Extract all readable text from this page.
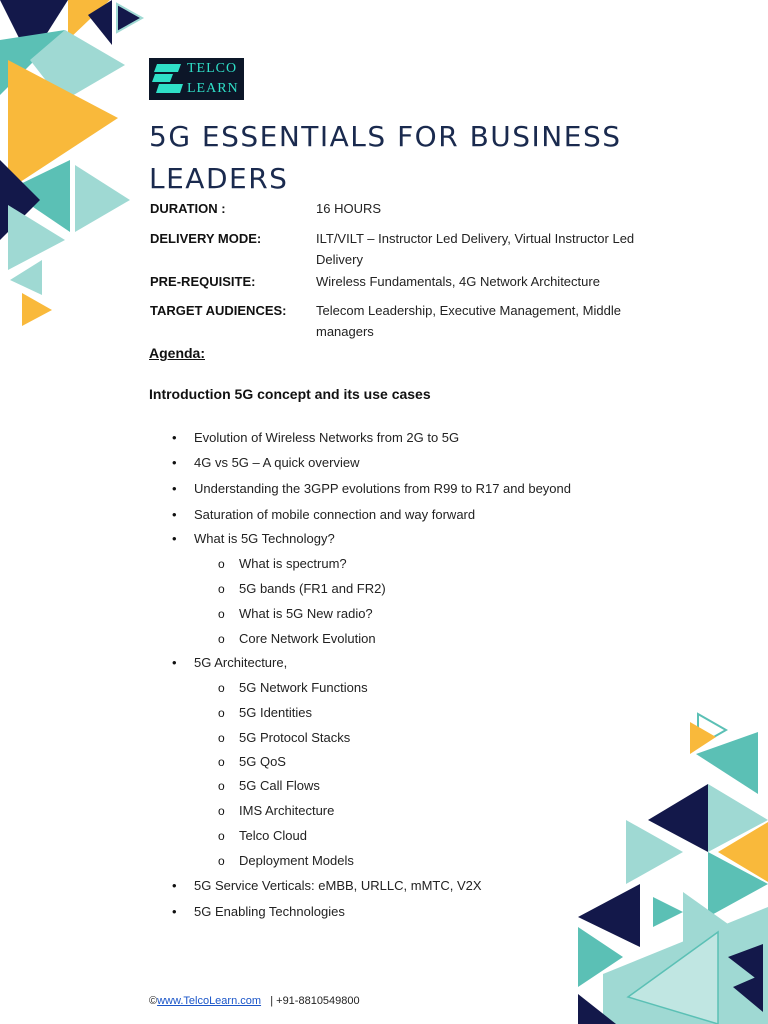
TELCO
LEARN
5G ESSENTIALS FOR BUSINESS LEADERS
DURATION :	16 HOURS
DELIVERY MODE:	ILT/VILT – Instructor Led Delivery, Virtual Instructor Led Delivery
PRE-REQUISITE:	Wireless Fundamentals, 4G Network Architecture
TARGET AUDIENCES:	Telecom Leadership, Executive Management, Middle managers
Agenda:
Introduction 5G concept and its use cases
• Evolution of Wireless Networks from 2G to 5G
• 4G vs 5G – A quick overview
• Understanding the 3GPP evolutions from R99 to R17 and beyond
• Saturation of mobile connection and way forward
• What is 5G Technology?
o What is spectrum?
o 5G bands (FR1 and FR2)
o What is 5G New radio?
o Core Network Evolution
• 5G Architecture,
o 5G Network Functions
o 5G Identities
o 5G Protocol Stacks
o 5G QoS
o 5G Call Flows
o IMS Architecture
o Telco Cloud
o Deployment Models
• 5G Service Verticals: eMBB, URLLC, mMTC, V2X
• 5G Enabling Technologies
©www.TelcoLearn.com | +91-8810549800
